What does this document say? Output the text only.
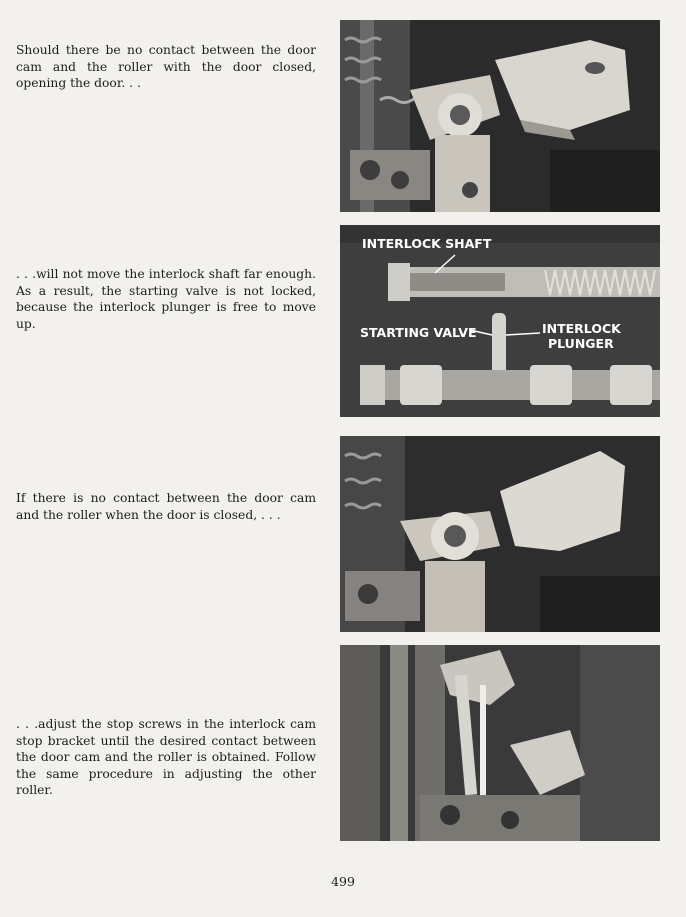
Should there be no contact between the door cam and the roller with the door closed, opening the door. . .

. . .will not move the interlock shaft far enough. As a result, the starting valve is not locked, because the interlock plunger is free to move up.

If there is no contact between the door cam and the roller when the door is closed, . . .

. . .adjust the stop screws in the interlock cam stop bracket until the desired contact between the door cam and the roller is obtained. Follow the same procedure in adjusting the other roller.

INTERLOCK SHAFT
STARTING VALVE	INTERLOCK
PLUNGER

499
